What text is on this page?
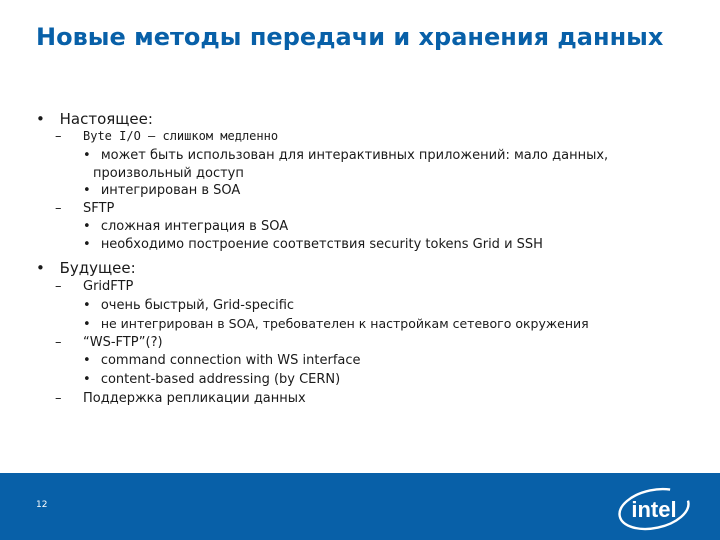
Новые методы передачи и хранения данных
• Настоящее:
– Byte I/O – слишком медленно
• может быть использован для интерактивных приложений: мало данных,
произвольный доступ
• интегрирован в SOA
– SFTP
• сложная интеграция в SOA
• необходимо построение соответствия security tokens Grid и SSH
• Будущее:
– GridFTP
• очень быстрый, Grid-specific
• не интегрирован в SOA, требователен к настройкам сетевого окружения
– “WS-FTP”(?)
• command connection with WS interface
• content-based addressing (by CERN)
– Поддержка репликации данных
12	intel
